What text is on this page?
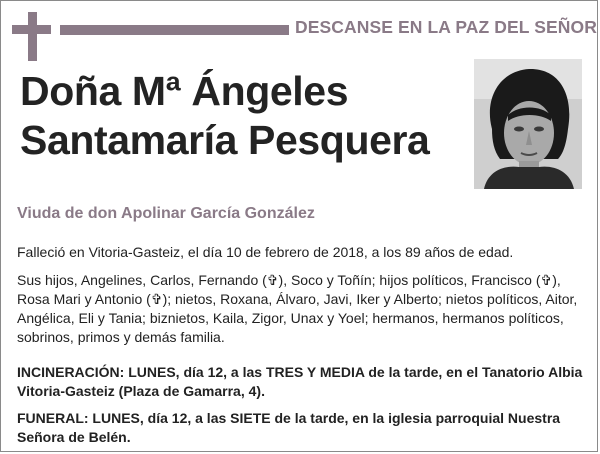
DESCANSE EN LA PAZ DEL SEÑOR
Doña Mª Ángeles
Santamaría Pesquera
Viuda de don Apolinar García González

Falleció en Vitoria-Gasteiz, el día 10 de febrero de 2018, a los 89 años de edad.

Sus hijos, Angelines, Carlos, Fernando (✞), Soco y Toñín; hijos políticos, Francisco (✞), Rosa Mari y Antonio (✞); nietos, Roxana, Álvaro, Javi, Iker y Alberto; nietos políticos, Aitor, Angélica, Eli y Tania; biznietos, Kaila, Zigor, Unax y Yoel; hermanos, hermanos políticos, sobrinos, primos y demás familia.

INCINERACIÓN: LUNES, día 12, a las TRES Y MEDIA de la tarde, en el Tanatorio Albia Vitoria-Gasteiz (Plaza de Gamarra, 4).

FUNERAL: LUNES, día 12, a las SIETE de la tarde, en la iglesia parroquial Nuestra Señora de Belén.
